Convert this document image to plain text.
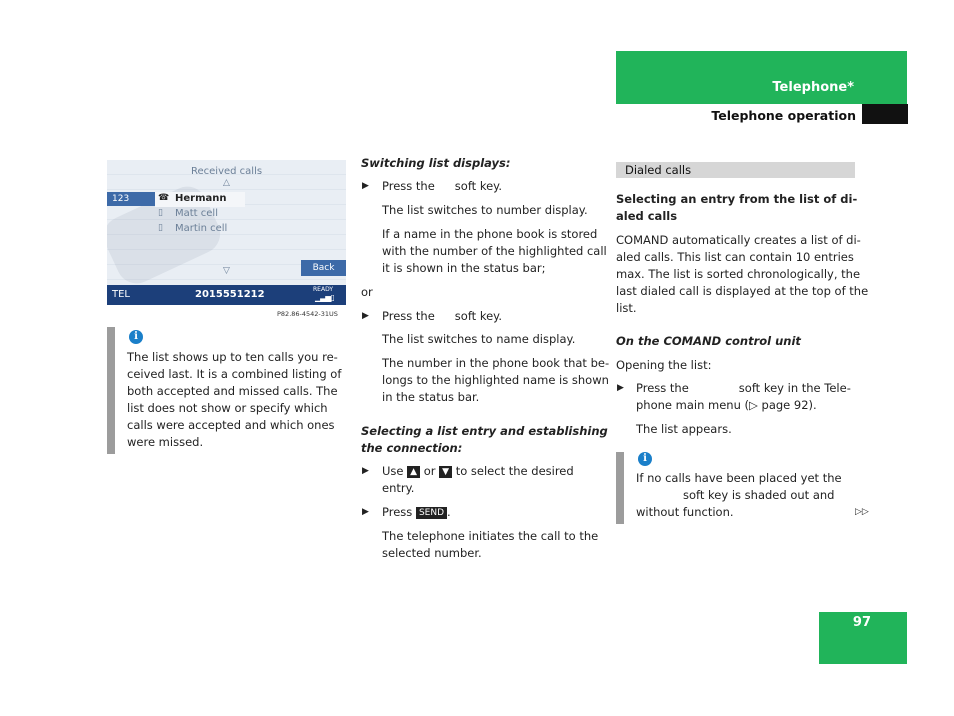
Telephone*
Telephone operation
Received calls
△
123	☎ Hermann
▯ Matt cell
▯ Martin cell
▽	Back
TEL	2015551212	READY
▁▃▅▯
P82.86-4542-31US
i
The list shows up to ten calls you re-
ceived last. It is a combined listing of
both accepted and missed calls. The
list does not show or specify which
calls were accepted and which ones
were missed.
Switching list displays:
▶ Press the soft key.
The list switches to number display.
If a name in the phone book is stored
with the number of the highlighted call
it is shown in the status bar;
or
▶ Press the soft key.
The list switches to name display.
The number in the phone book that be-
longs to the highlighted name is shown
in the status bar.
Selecting a list entry and establishing
the connection:
▶ Use ▲ or ▼ to select the desired
entry.
▶ Press SEND .
The telephone initiates the call to the
selected number.
Dialed calls
Selecting an entry from the list of di-
aled calls
COMAND automatically creates a list of di-
aled calls. This list can contain 10 entries
max. The list is sorted chronologically, the
last dialed call is displayed at the top of the
list.
On the COMAND control unit
Opening the list:
▶ Press the	soft key in the Tele-
phone main menu (▷ page 92).
The list appears.
i
If no calls have been placed yet the
soft key is shaded out and
without function.	▷▷
97
